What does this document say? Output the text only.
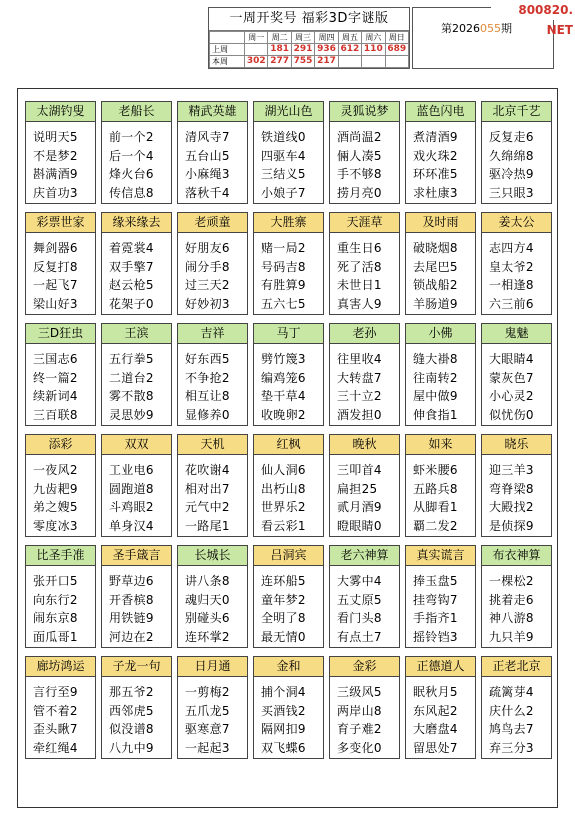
800820. NET
一周开奖号 福彩3D字谜版
	周一	周二	周三	周四	周五	周六	周日
上周		181	291	936	612	110	689
本周	302	277	755	217			
第2026055期
太湖钓叟
说明天5
不是梦2
斟满酒9
庆首功3
老船长
前一个2
后一个4
烽火台6
传信息8
精武英雄
清风寺7
五台山5
小麻绳3
落秋千4
湖光山色
铁道线0
四驱车4
三结义5
小娘子7
灵狐说梦
酒尚温2
倆人凑5
手不够8
捞月亮0
蓝色闪电
煮清酒9
戏火珠2
环环准5
求杜康3
北京千艺
反复走6
久绵绵8
驱冷热9
三只眼3
彩票世家
舞剑器6
反复打8
一起飞7
梁山好3
缘来缘去
着霓裳4
双手擎7
赵云枪5
花架子0
老顽童
好朋友6
闹分手8
过三天2
好妙初3
大胜寨
赌一局2
号码吉8
有胜算9
五六七5
天涯草
重生日6
死了活8
未世日1
真害人9
及时雨
破晓烟8
去尾巴5
锁战船2
羊肠道9
姜太公
志四方4
皇太爷2
一相逢8
六三前6
三D狂虫
三国志6
终一篇2
续新词4
三百联8
王滨
五行拳5
二道台2
雾不散8
灵思妙9
吉祥
好东西5
不争抢2
相互让8
显修养0
马丁
劈竹篾3
编鸡笼6
垫干草4
收晚卵2
老孙
往里收4
大转盘7
三十立2
酒发担0
小佛
缝大褂8
往南转2
屋中做9
伸食指1
鬼魅
大眼睛4
蒙灰色7
小心灵2
似忧伤0
添彩
一夜风2
九齿耙9
弟之嫂5
零度冰3
双双
工业电6
圆跑道8
斗鸡眼2
单身汉4
天机
花吹谢4
相对出7
元气中2
一路尾1
红枫
仙人洞6
出朽山8
世界乐2
看云彩1
晚秋
三叩首4
扁担25
贰月酒9
瞪眼睛0
如来
虾米腰6
五路兵8
从脚看1
覇二发2
晓乐
迎三羊3
弯脊梁8
大殿找2
是侦探9
比圣手准
张开口5
向东行2
闹东京8
面瓜哥1
圣手箴言
野草边6
开香槟8
用铁链9
河边在2
长城长
讲八条8
魂归天0
别碰头6
连环掌2
吕洞宾
连环船5
童年梦2
全明了8
最无情0
老六神算
大雾中4
五丈原5
看门头8
有点土7
真实谎言
捧玉盘5
挂弯钩7
手指齐1
摇铃铛3
布衣神算
一棵松2
挑着走6
神八游8
九只羊9
廊坊鸿运
言行至9
管不着2
歪头瞅7
牵红绳4
子龙一句
那五爷2
西邻虎5
似没谱8
八九中9
日月通
一剪梅2
五爪龙5
驱寒意7
一起起3
金和
捕个洞4
买酒钱2
隔网扣9
双飞蝶6
金彩
三级风5
两岸山8
育子难2
多变化0
正德道人
眠秋月5
东风起2
大磨盘4
留思处7
正老北京
疏篱芽4
庆什么2
鸠鸟去7
弃三分3
